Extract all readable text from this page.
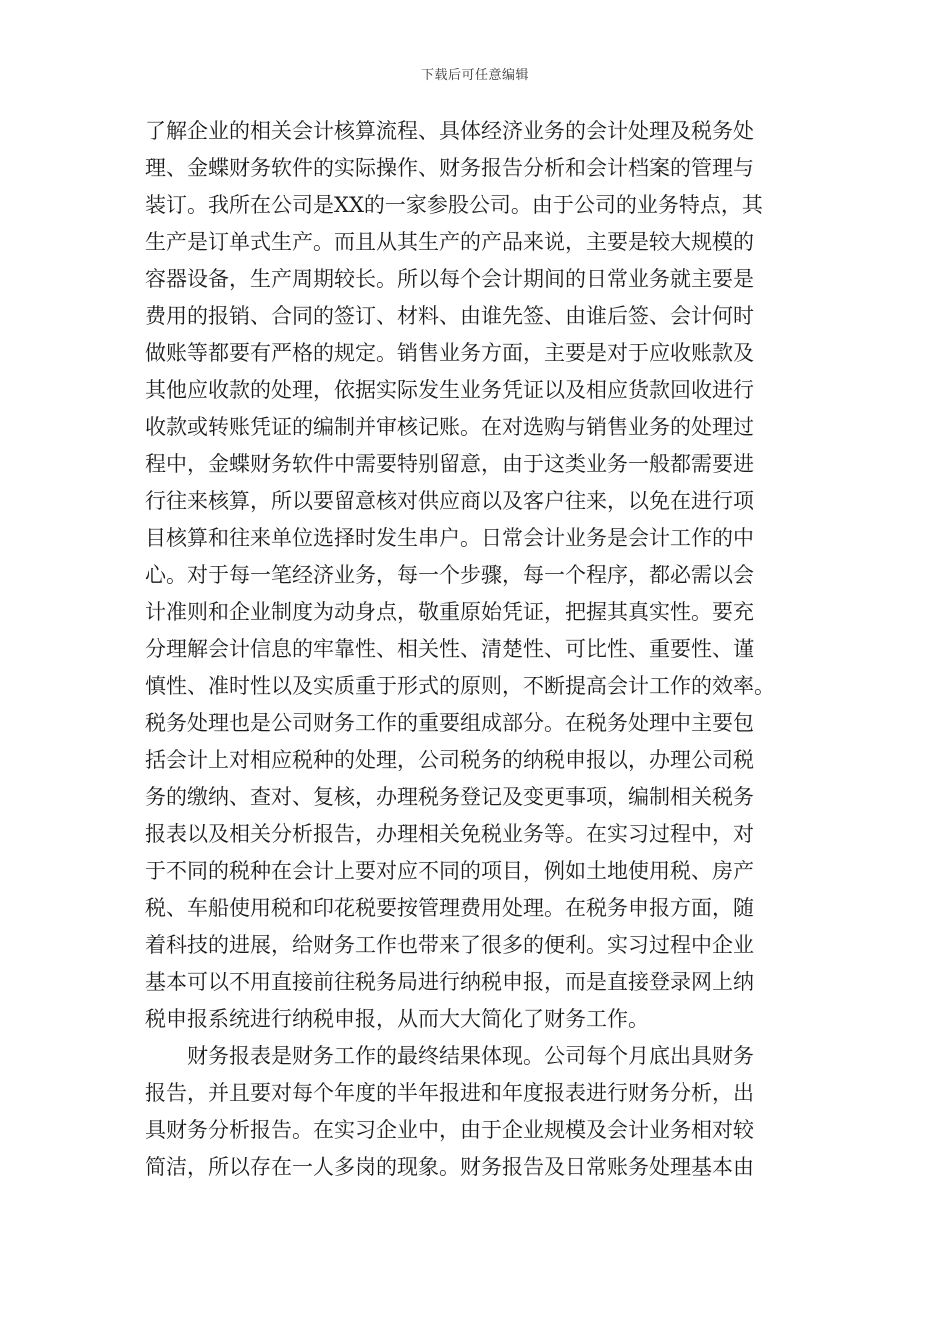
下载后可任意编辑
了解企业的相关会计核算流程、具体经济业务的会计处理及税务处
理、金蝶财务软件的实际操作、财务报告分析和会计档案的管理与
装订。我所在公司是XX的一家参股公司。由于公司的业务特点，其
生产是订单式生产。而且从其生产的产品来说，主要是较大规模的
容器设备，生产周期较长。所以每个会计期间的日常业务就主要是
费用的报销、合同的签订、材料、由谁先签、由谁后签、会计何时
做账等都要有严格的规定。销售业务方面，主要是对于应收账款及
其他应收款的处理，依据实际发生业务凭证以及相应货款回收进行
收款或转账凭证的编制并审核记账。在对选购与销售业务的处理过
程中，金蝶财务软件中需要特别留意，由于这类业务一般都需要进
行往来核算，所以要留意核对供应商以及客户往来，以免在进行项
目核算和往来单位选择时发生串户。日常会计业务是会计工作的中
心。对于每一笔经济业务，每一个步骤，每一个程序，都必需以会
计准则和企业制度为动身点，敬重原始凭证，把握其真实性。要充
分理解会计信息的牢靠性、相关性、清楚性、可比性、重要性、谨
慎性、准时性以及实质重于形式的原则，不断提高会计工作的效率。
税务处理也是公司财务工作的重要组成部分。在税务处理中主要包
括会计上对相应税种的处理，公司税务的纳税申报以，办理公司税
务的缴纳、查对、复核，办理税务登记及变更事项，编制相关税务
报表以及相关分析报告，办理相关免税业务等。在实习过程中，对
于不同的税种在会计上要对应不同的项目，例如土地使用税、房产
税、车船使用税和印花税要按管理费用处理。在税务申报方面，随
着科技的进展，给财务工作也带来了很多的便利。实习过程中企业
基本可以不用直接前往税务局进行纳税申报，而是直接登录网上纳
税申报系统进行纳税申报，从而大大简化了财务工作。
　　财务报表是财务工作的最终结果体现。公司每个月底出具财务
报告，并且要对每个年度的半年报进和年度报表进行财务分析，出
具财务分析报告。在实习企业中，由于企业规模及会计业务相对较
简洁，所以存在一人多岗的现象。财务报告及日常账务处理基本由
